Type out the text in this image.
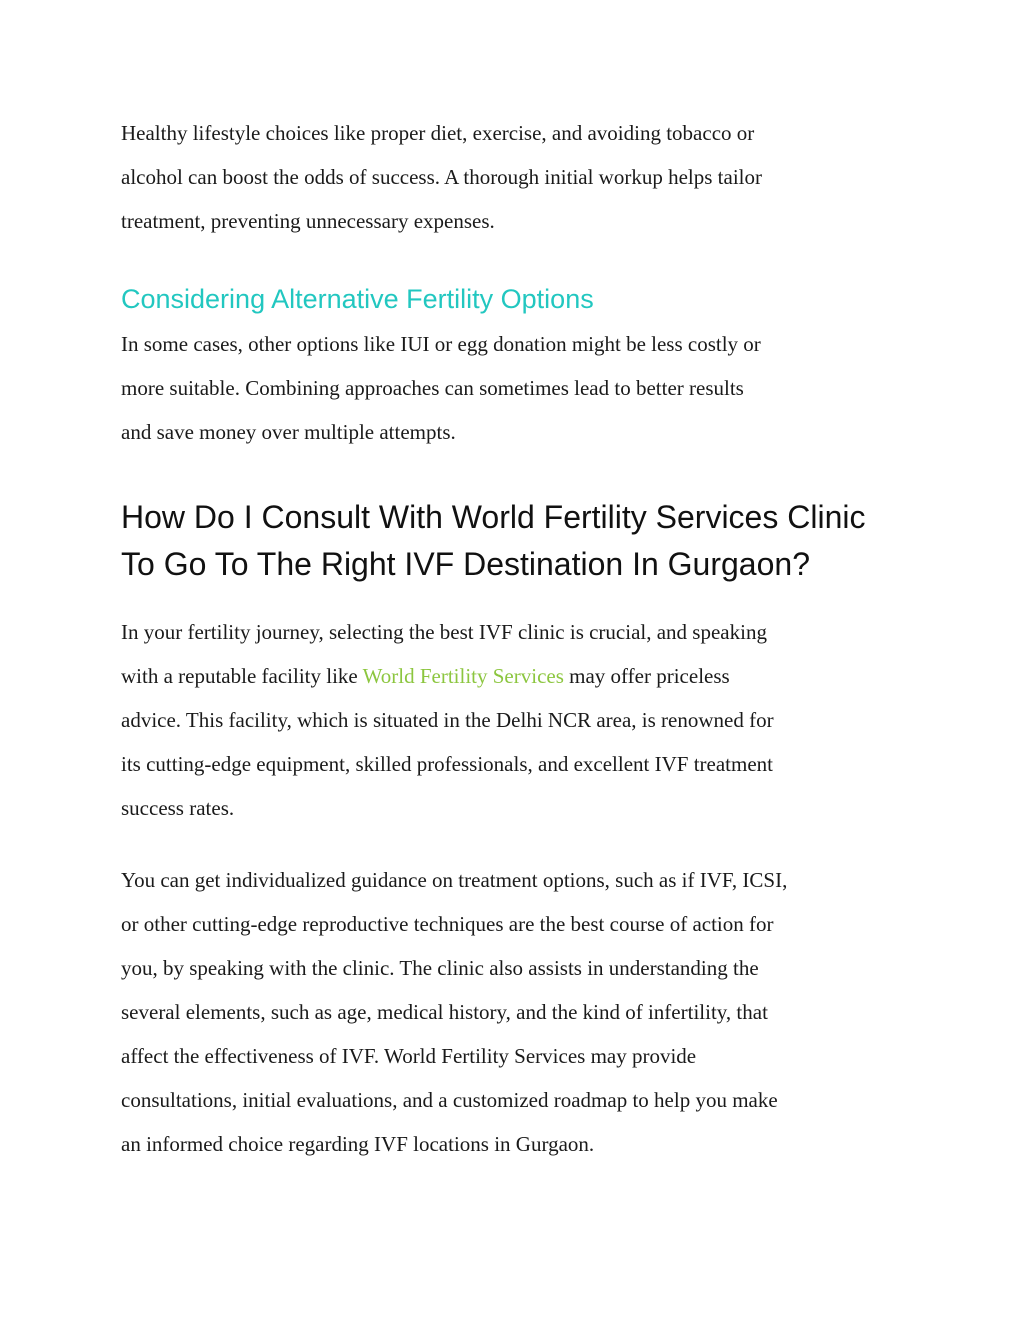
Healthy lifestyle choices like proper diet, exercise, and avoiding tobacco or
alcohol can boost the odds of success. A thorough initial workup helps tailor
treatment, preventing unnecessary expenses.

Considering Alternative Fertility Options

In some cases, other options like IUI or egg donation might be less costly or
more suitable. Combining approaches can sometimes lead to better results
and save money over multiple attempts.

How Do I Consult With World Fertility Services Clinic
To Go To The Right IVF Destination In Gurgaon?

In your fertility journey, selecting the best IVF clinic is crucial, and speaking
with a reputable facility like World Fertility Services may offer priceless
advice. This facility, which is situated in the Delhi NCR area, is renowned for
its cutting-edge equipment, skilled professionals, and excellent IVF treatment
success rates.

You can get individualized guidance on treatment options, such as if IVF, ICSI,
or other cutting-edge reproductive techniques are the best course of action for
you, by speaking with the clinic. The clinic also assists in understanding the
several elements, such as age, medical history, and the kind of infertility, that
affect the effectiveness of IVF. World Fertility Services may provide
consultations, initial evaluations, and a customized roadmap to help you make
an informed choice regarding IVF locations in Gurgaon.
